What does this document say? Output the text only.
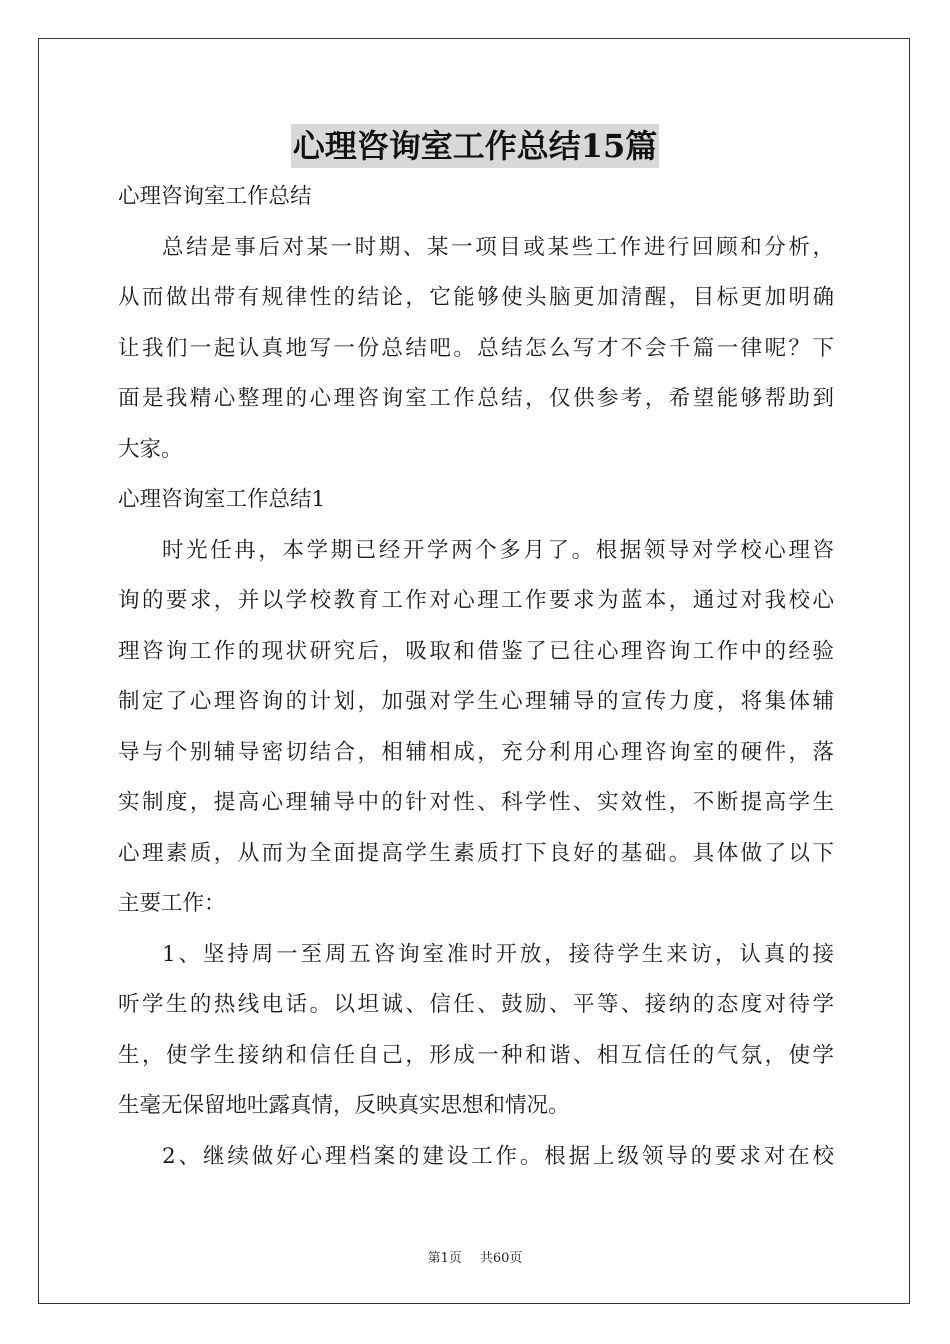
心理咨询室工作总结15篇
心理咨询室工作总结
总结是事后对某一时期、某一项目或某些工作进行回顾和分析，
从而做出带有规律性的结论，它能够使头脑更加清醒，目标更加明确
让我们一起认真地写一份总结吧。总结怎么写才不会千篇一律呢？下
面是我精心整理的心理咨询室工作总结，仅供参考，希望能够帮助到
大家。
心理咨询室工作总结1
时光任冉，本学期已经开学两个多月了。根据领导对学校心理咨
询的要求，并以学校教育工作对心理工作要求为蓝本，通过对我校心
理咨询工作的现状研究后，吸取和借鉴了已往心理咨询工作中的经验
制定了心理咨询的计划，加强对学生心理辅导的宣传力度，将集体辅
导与个别辅导密切结合，相辅相成，充分利用心理咨询室的硬件，落
实制度，提高心理辅导中的针对性、科学性、实效性，不断提高学生
心理素质，从而为全面提高学生素质打下良好的基础。具体做了以下
主要工作：
1、坚持周一至周五咨询室准时开放，接待学生来访，认真的接
听学生的热线电话。以坦诚、信任、鼓励、平等、接纳的态度对待学
生，使学生接纳和信任自己，形成一种和谐、相互信任的气氛，使学
生毫无保留地吐露真情，反映真实思想和情况。
2、继续做好心理档案的建设工作。根据上级领导的要求对在校
第1页 共60页
